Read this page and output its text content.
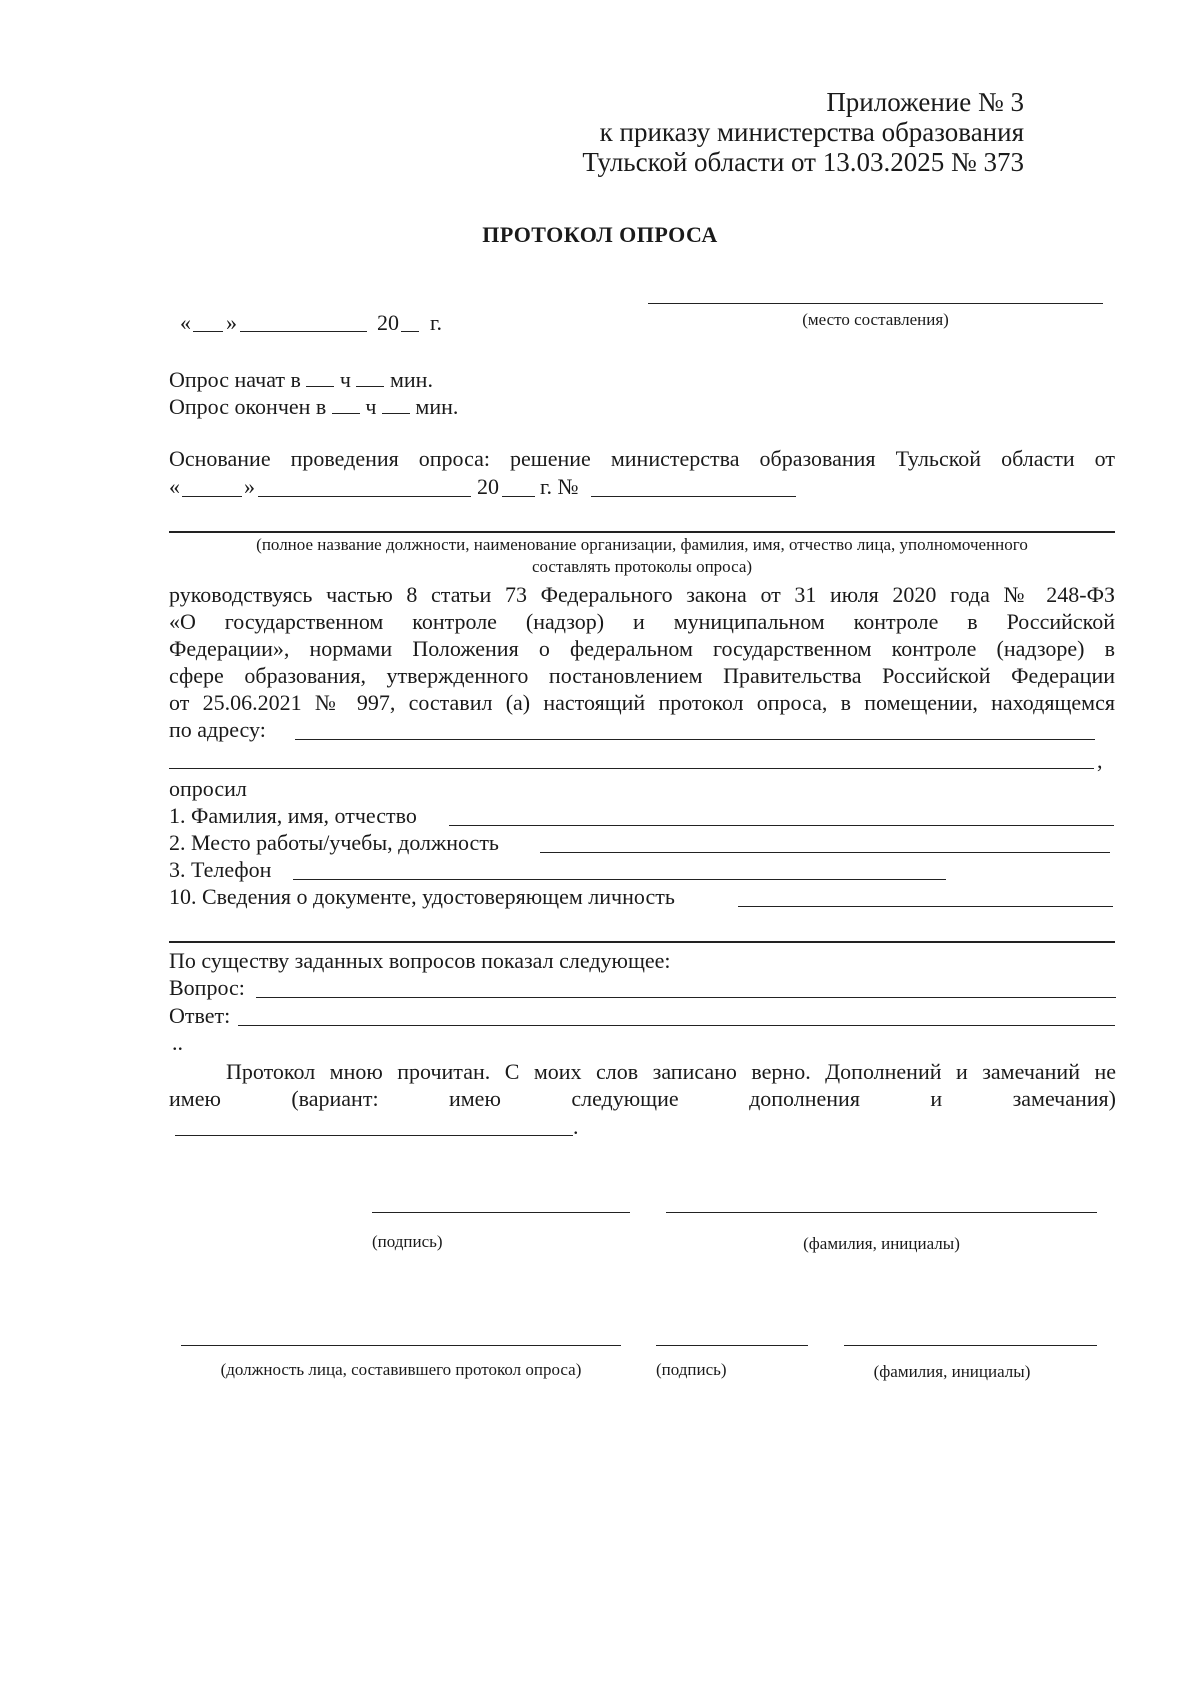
Приложение № 3
к приказу министерства образования
Тульской области от 13.03.2025 № 373
ПРОТОКОЛ ОПРОСА
« »	20 г.	(место составления)
Опрос начат в ч мин.
Опрос окончен в ч мин.
Основание проведения опроса: решение министерства образования Тульской области от
«	»	20 г. №
(полное название должности, наименование организации, фамилия, имя, отчество лица, уполномоченного
составлять протоколы опроса)
руководствуясь частью 8 статьи 73 Федерального закона от 31 июля 2020 года № 248-ФЗ
«О государственном контроле (надзор) и муниципальном контроле в Российской
Федерации», нормами Положения о федеральном государственном контроле (надзоре) в
сфере образования, утвержденного постановлением Правительства Российской Федерации
от 25.06.2021 № 997, составил (а) настоящий протокол опроса, в помещении, находящемся
по адресу:
,
опросил
1. Фамилия, имя, отчество
2. Место работы/учебы, должность
3. Телефон
10. Сведения о документе, удостоверяющем личность
По существу заданных вопросов показал следующее:
Вопрос:
Ответ:
..
Протокол мною прочитан. С моих слов записано верно. Дополнений и замечаний не
имею (вариант: имею следующие дополнения и замечания)
.
(подпись)	(фамилия, инициалы)
(должность лица, составившего протокол опроса)	(подпись)	(фамилия, инициалы)
